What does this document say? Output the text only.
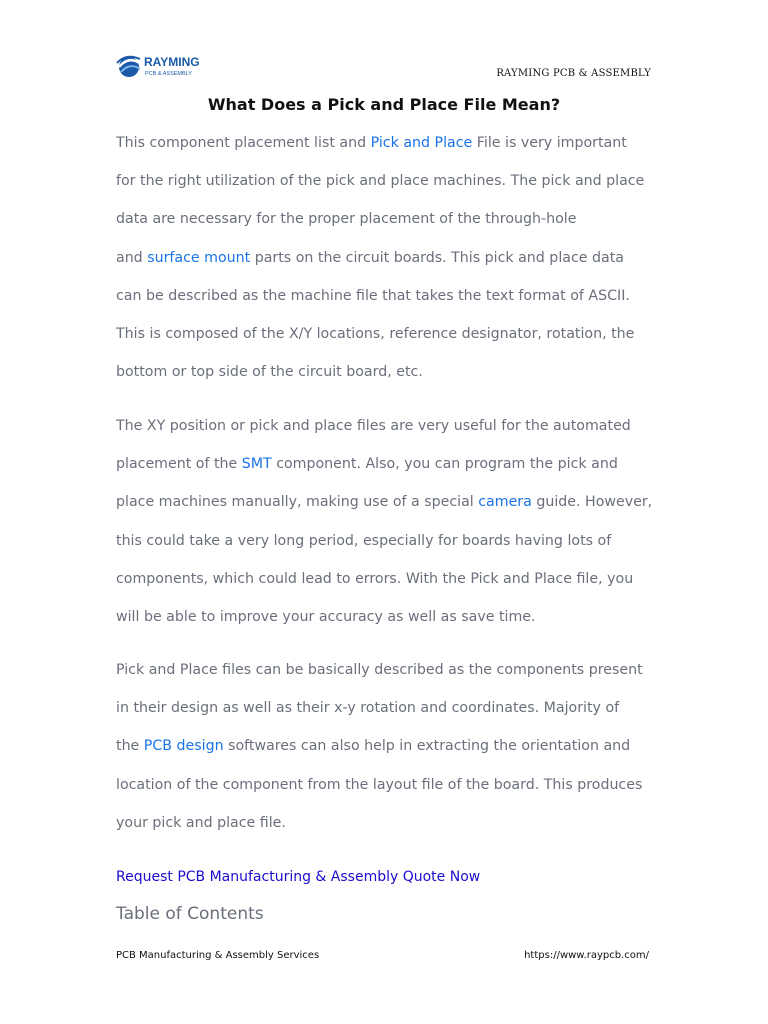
RAYMING
PCB & ASSEMBLY	RAYMING PCB & ASSEMBLY
What Does a Pick and Place File Mean?
This component placement list and Pick and Place File is very important
for the right utilization of the pick and place machines. The pick and place
data are necessary for the proper placement of the through-hole
and surface mount parts on the circuit boards. This pick and place data
can be described as the machine file that takes the text format of ASCII.
This is composed of the X/Y locations, reference designator, rotation, the
bottom or top side of the circuit board, etc.
The XY position or pick and place files are very useful for the automated
placement of the SMT component. Also, you can program the pick and
place machines manually, making use of a special camera guide. However,
this could take a very long period, especially for boards having lots of
components, which could lead to errors. With the Pick and Place file, you
will be able to improve your accuracy as well as save time.
Pick and Place files can be basically described as the components present
in their design as well as their x-y rotation and coordinates. Majority of
the PCB design softwares can also help in extracting the orientation and
location of the component from the layout file of the board. This produces
your pick and place file.
Request PCB Manufacturing & Assembly Quote Now
Table of Contents
PCB Manufacturing & Assembly Services	https://www.raypcb.com/
